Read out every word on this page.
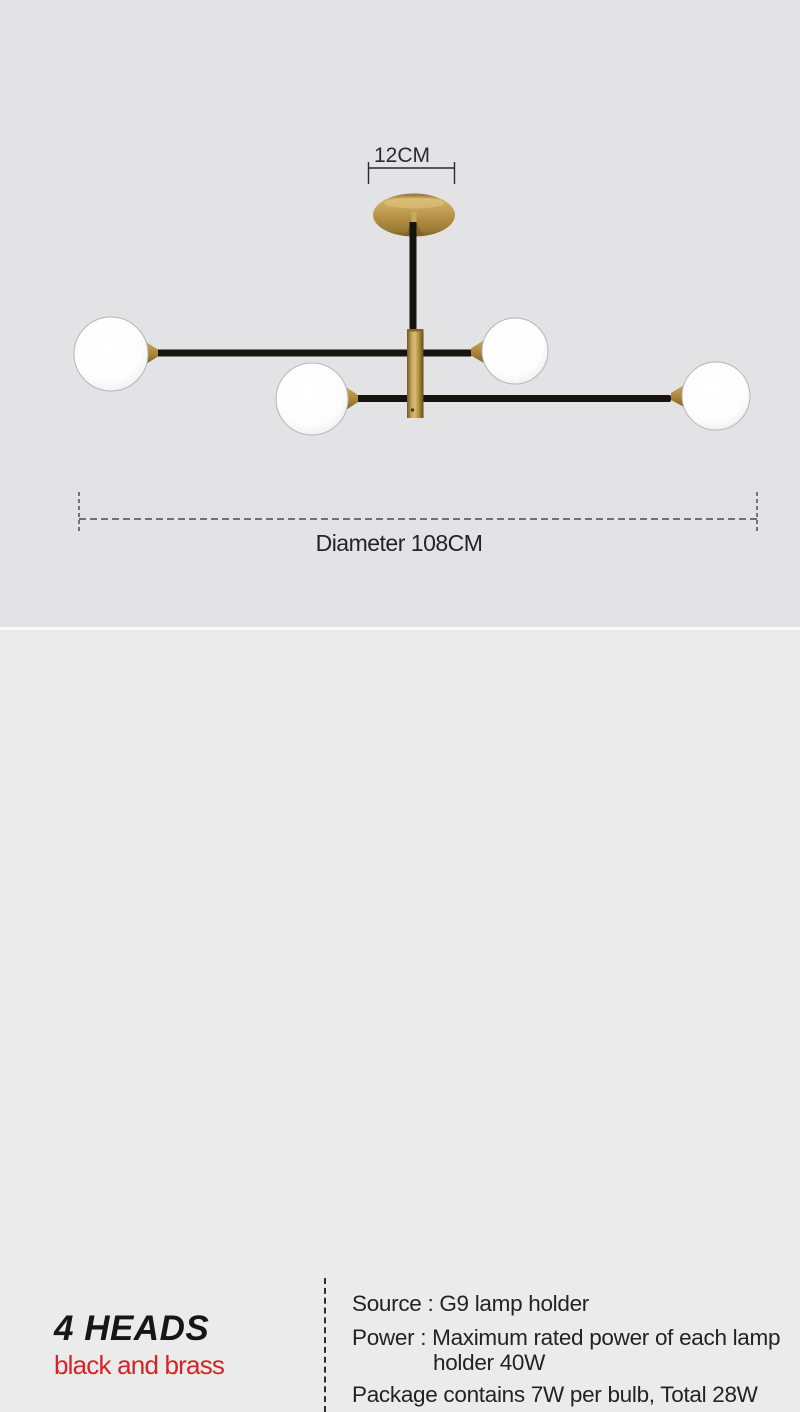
12CM
Diameter 108CM
4 HEADS
black and brass
Source : G9 lamp holder
Power : Maximum rated power of each lamp
holder 40W
Package contains 7W per bulb, Total 28W
